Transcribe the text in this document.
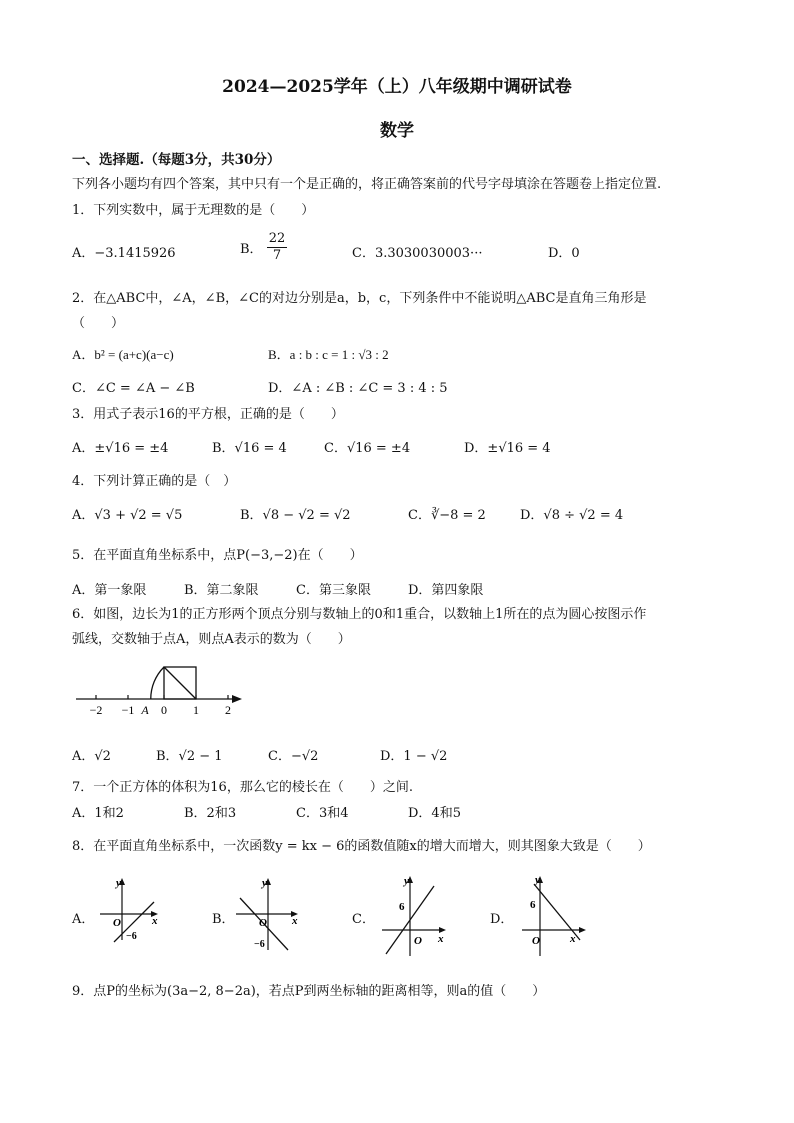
2024—2025学年（上）八年级期中调研试卷
数学
一、选择题.（每题3分，共30分）
下列各小题均有四个答案，其中只有一个是正确的，将正确答案前的代号字母填涂在答题卷上指定位置.
1．下列实数中，属于无理数的是（　　）
A．−3.1415926	B． $\frac{22}{7}$	C．3.3030030003···	D．0
2．在△ABC中，∠A，∠B，∠C的对边分别是a，b，c，下列条件中不能说明△ABC是直角三角形是
（　　）
A．b² = (a+c)(a−c)	B．a : b : c = 1 : √3 : 2
C．∠C = ∠A − ∠B	D．∠A : ∠B : ∠C = 3 : 4 : 5
3．用式子表示16的平方根，正确的是（　　）
A．±√16 = ±4	B．√16 = 4	C．√16 = ±4	D．±√16 = 4
4．下列计算正确的是（　）
A．√3 + √2 = √5	B．√8 − √2 = √2	C．∛−8 = 2	D．√8 ÷ √2 = 4
5．在平面直角坐标系中，点P(−3,−2)在（　　）
A．第一象限	B．第二象限	C．第三象限	D．第四象限
6．如图，边长为1的正方形两个顶点分别与数轴上的0和1重合，以数轴上1所在的点为圆心按图示作
弧线，交数轴于点A，则点A表示的数为（　　）
−2 −1 A 0 1 2
A．√2	B．√2 − 1	C．−√2	D．1 − √2
7．一个正方体的体积为16，那么它的棱长在（　　）之间.
A．1和2	B．2和3	C．3和4	D．4和5
8．在平面直角坐标系中，一次函数y = kx − 6的函数值随x的增大而增大，则其图象大致是（　　）
A．
y
x
O
−6
B．
y
x
O
−6
C．
y
x
O
6
D．
y
x
O
6
9．点P的坐标为(3a−2, 8−2a)，若点P到两坐标轴的距离相等，则a的值（　　）
